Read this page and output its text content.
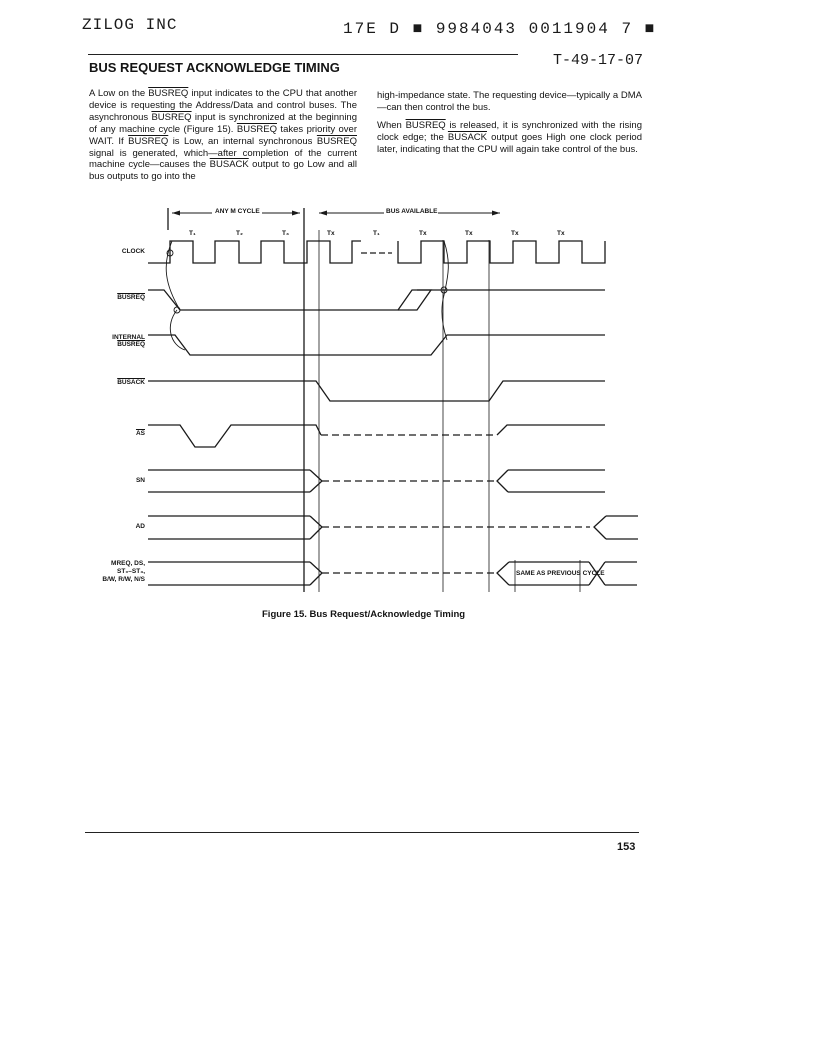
ZILOG INC	17E D ■ 9984043 0011904 7 ■
BUS REQUEST ACKNOWLEDGE TIMING	T-49-17-07

A Low on the BUSREQ input indicates to the CPU that another device is requesting the Address/Data and control buses. The asynchronous BUSREQ input is synchronized at the beginning of any machine cycle (Figure 15). BUSREQ takes priority over WAIT. If BUSREQ is Low, an internal synchronous BUSREQ signal is generated, which—after completion of the current machine cycle—causes the BUSACK output to go Low and all bus outputs to go into the

high-impedance state. The requesting device—typically a DMA—can then control the bus.

When BUSREQ is released, it is synchronized with the rising clock edge; the BUSACK output goes High one clock period later, indicating that the CPU will again take control of the bus.

ANY M CYCLE	BUS AVAILABLE
T₁	T₂	T₃	Tx	T₁	Tx	Tx	Tx	Tx
CLOCK
BUSREQ
INTERNAL
BUSREQ
BUSACK
$\overline{AS}$
SN
AD
MREQ, DS,
ST₀–ST₃,
B/W, R/W, N/S
SAME AS PREVIOUS CYCLE
Figure 15. Bus Request/Acknowledge Timing
153
